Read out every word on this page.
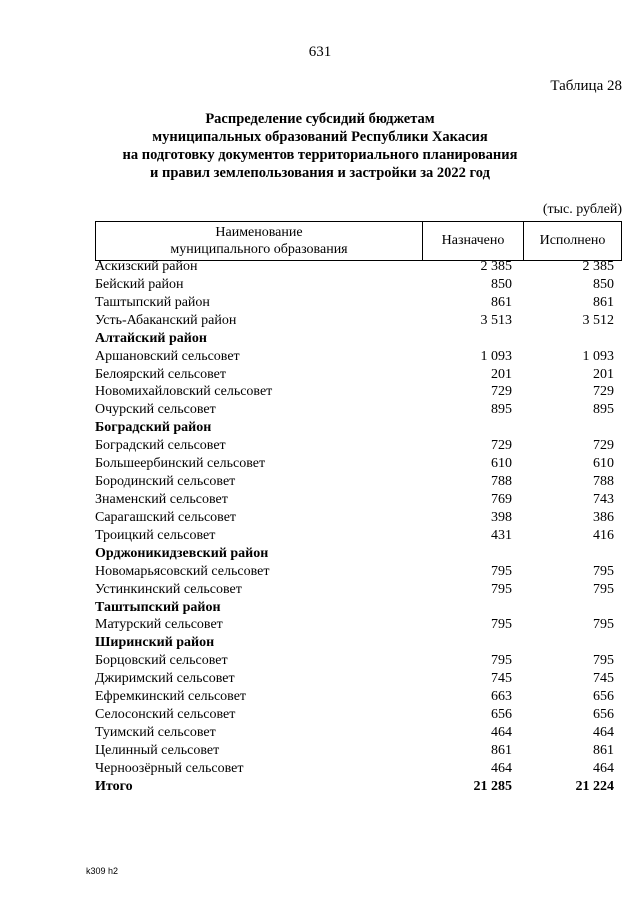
631
Таблица 28
Распределение субсидий бюджетам
муниципальных образований Республики Хакасия
на подготовку документов территориального планирования
и правил землепользования и застройки за 2022 год
(тыс. рублей)
Наименование
муниципального образования
Назначено	Исполнено
Аскизский район	2 385	2 385
Бейский район	850	850
Таштыпский район	861	861
Усть-Абаканский район	3 513	3 512
Алтайский район
Аршановский сельсовет	1 093	1 093
Белоярский сельсовет	201	201
Новомихайловский сельсовет	729	729
Очурский сельсовет	895	895
Боградский район
Боградский сельсовет	729	729
Большеербинский сельсовет	610	610
Бородинский сельсовет	788	788
Знаменский сельсовет	769	743
Сарагашский сельсовет	398	386
Троицкий сельсовет	431	416
Орджоникидзевский район
Новомарьясовский сельсовет	795	795
Устинкинский сельсовет	795	795
Таштыпский район
Матурский сельсовет	795	795
Ширинский район
Борцовский сельсовет	795	795
Джиримский сельсовет	745	745
Ефремкинский сельсовет	663	656
Селосонский сельсовет	656	656
Туимский сельсовет	464	464
Целинный сельсовет	861	861
Черноозёрный сельсовет	464	464
Итого	21 285	21 224
k309 h2
